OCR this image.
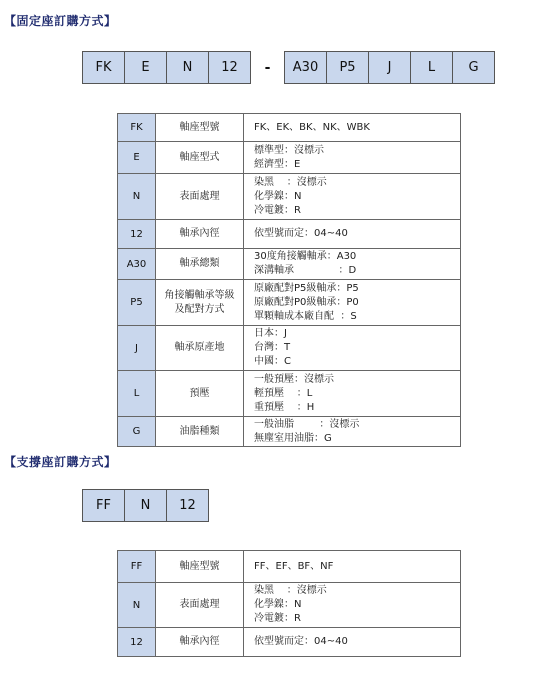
【固定座訂購方式】
FK	E	N	12	-	A30	P5	J	L	G
FK	軸座型號	FK、EK、BK、NK、WBK

E	軸座型式	標準型：沒標示
經濟型：E

N	表面處理	染黑    ：沒標示
化學鎳：N
冷電鍍：R

12	軸承內徑	依型號而定：04~40

A30	軸承總類	30度角接觸軸承：A30
深溝軸承              ：D

P5	角接觸軸承等級
及配對方式	原廠配對P5級軸承：P5
原廠配對P0級軸承：P0
單顆軸成本廠自配  ：S

J	軸承原產地	日本：J
台灣：T
中國：C

L	預壓	一般預壓：沒標示
輕預壓    ：L
重預壓    ：H

G	油脂種類	一般油脂        ：沒標示
無塵室用油脂：G
【支撐座訂購方式】
FF	N	12
FF	軸座型號	FF、EF、BF、NF

N	表面處理	染黑    ：沒標示
化學鎳：N
冷電鍍：R

12	軸承內徑	依型號而定：04~40
